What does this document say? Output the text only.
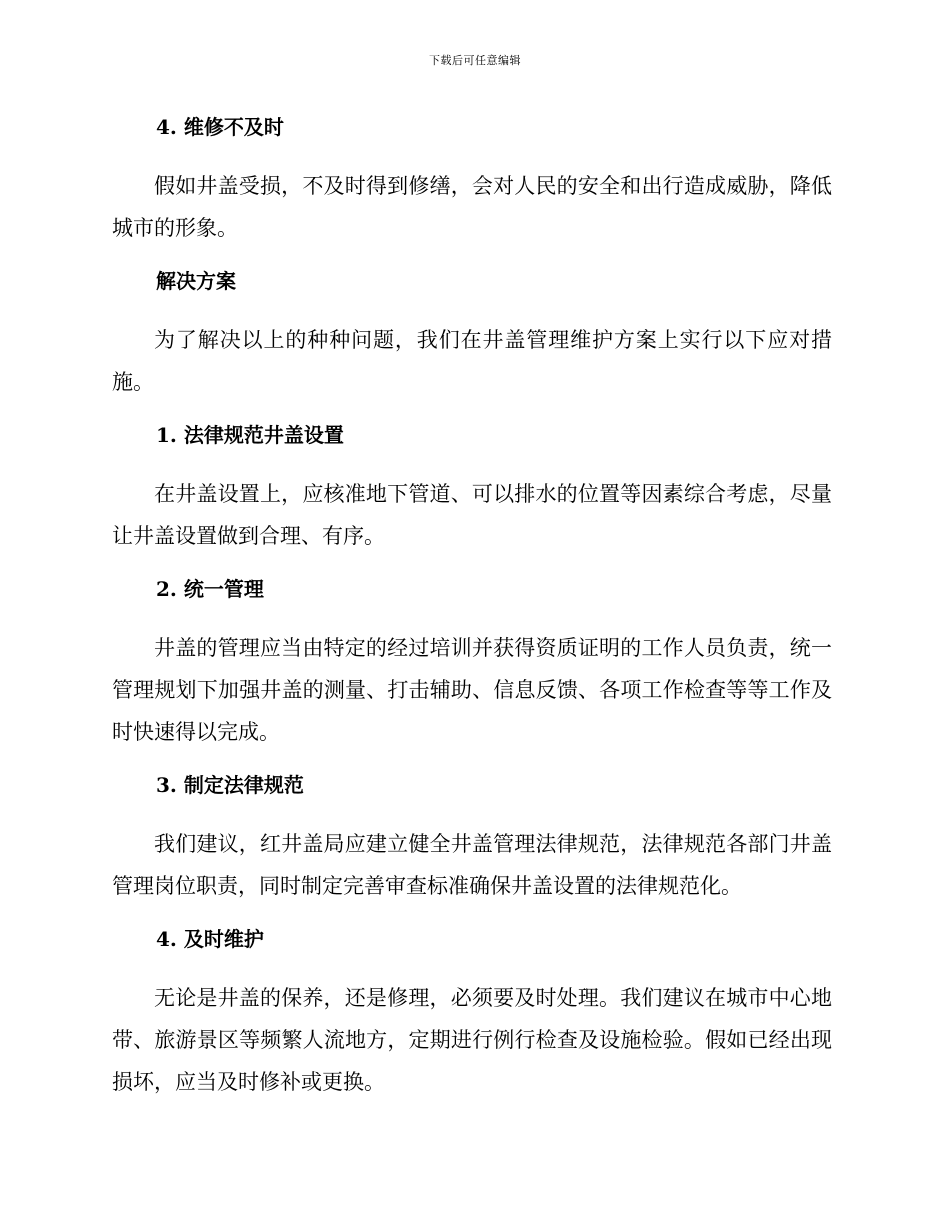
下载后可任意编辑
4. 维修不及时
假如井盖受损，不及时得到修缮，会对人民的安全和出行造成威胁，降低城市的形象。
解决方案
为了解决以上的种种问题，我们在井盖管理维护方案上实行以下应对措施。
1. 法律规范井盖设置
在井盖设置上，应核准地下管道、可以排水的位置等因素综合考虑，尽量让井盖设置做到合理、有序。
2. 统一管理
井盖的管理应当由特定的经过培训并获得资质证明的工作人员负责，统一管理规划下加强井盖的测量、打击辅助、信息反馈、各项工作检查等等工作及时快速得以完成。
3. 制定法律规范
我们建议，红井盖局应建立健全井盖管理法律规范，法律规范各部门井盖管理岗位职责，同时制定完善审查标准确保井盖设置的法律规范化。
4. 及时维护
无论是井盖的保养，还是修理，必须要及时处理。我们建议在城市中心地带、旅游景区等频繁人流地方，定期进行例行检查及设施检验。假如已经出现损坏，应当及时修补或更换。
